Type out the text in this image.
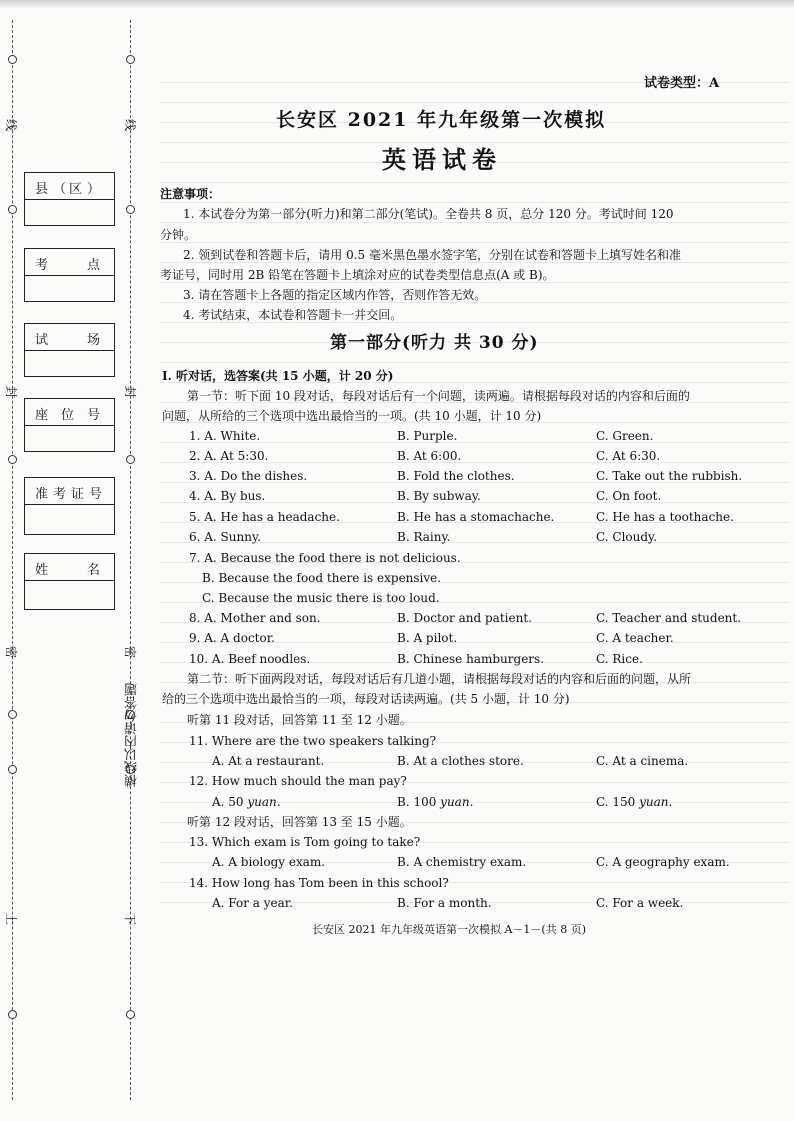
线
封
密
上
线
封
密
下
横线以内请勿答题
县 （ 区 ）
考	点
试	场
座 位 号
准 考 证 号
姓	名
试卷类型：A
长安区 2021 年九年级第一次模拟
英语试卷
注意事项：
1. 本试卷分为第一部分(听力)和第二部分(笔试)。全卷共 8 页，总分 120 分。考试时间 120
分钟。
2. 领到试卷和答题卡后，请用 0.5 毫米黑色墨水签字笔，分别在试卷和答题卡上填写姓名和准
考证号，同时用 2B 铅笔在答题卡上填涂对应的试卷类型信息点(A 或 B)。
3. 请在答题卡上各题的指定区域内作答，否则作答无效。
4. 考试结束，本试卷和答题卡一并交回。
第一部分(听力 共 30 分)
Ⅰ. 听对话，选答案(共 15 小题，计 20 分)
第一节：听下面 10 段对话，每段对话后有一个问题，读两遍。请根据每段对话的内容和后面的
问题，从所给的三个选项中选出最恰当的一项。(共 10 小题，计 10 分)
1. A. White.	B. Purple.	C. Green.
2. A. At 5:30.	B. At 6:00.	C. At 6:30.
3. A. Do the dishes.	B. Fold the clothes.	C. Take out the rubbish.
4. A. By bus.	B. By subway.	C. On foot.
5. A. He has a headache.	B. He has a stomachache.	C. He has a toothache.
6. A. Sunny.	B. Rainy.	C. Cloudy.
7. A. Because the food there is not delicious.
B. Because the food there is expensive.
C. Because the music there is too loud.
8. A. Mother and son.	B. Doctor and patient.	C. Teacher and student.
9. A. A doctor.	B. A pilot.	C. A teacher.
10. A. Beef noodles.	B. Chinese hamburgers.	C. Rice.
第二节：听下面两段对话，每段对话后有几道小题，请根据每段对话的内容和后面的问题，从所
给的三个选项中选出最恰当的一项，每段对话读两遍。(共 5 小题，计 10 分)
听第 11 段对话，回答第 11 至 12 小题。
11. Where are the two speakers talking?
A. At a restaurant.	B. At a clothes store.	C. At a cinema.
12. How much should the man pay?
A. 50 yuan.	B. 100 yuan.	C. 150 yuan.
听第 12 段对话，回答第 13 至 15 小题。
13. Which exam is Tom going to take?
A. A biology exam.	B. A chemistry exam.	C. A geography exam.
14. How long has Tom been in this school?
A. For a year.	B. For a month.	C. For a week.
长安区 2021 年九年级英语第一次模拟 A－1－(共 8 页)
